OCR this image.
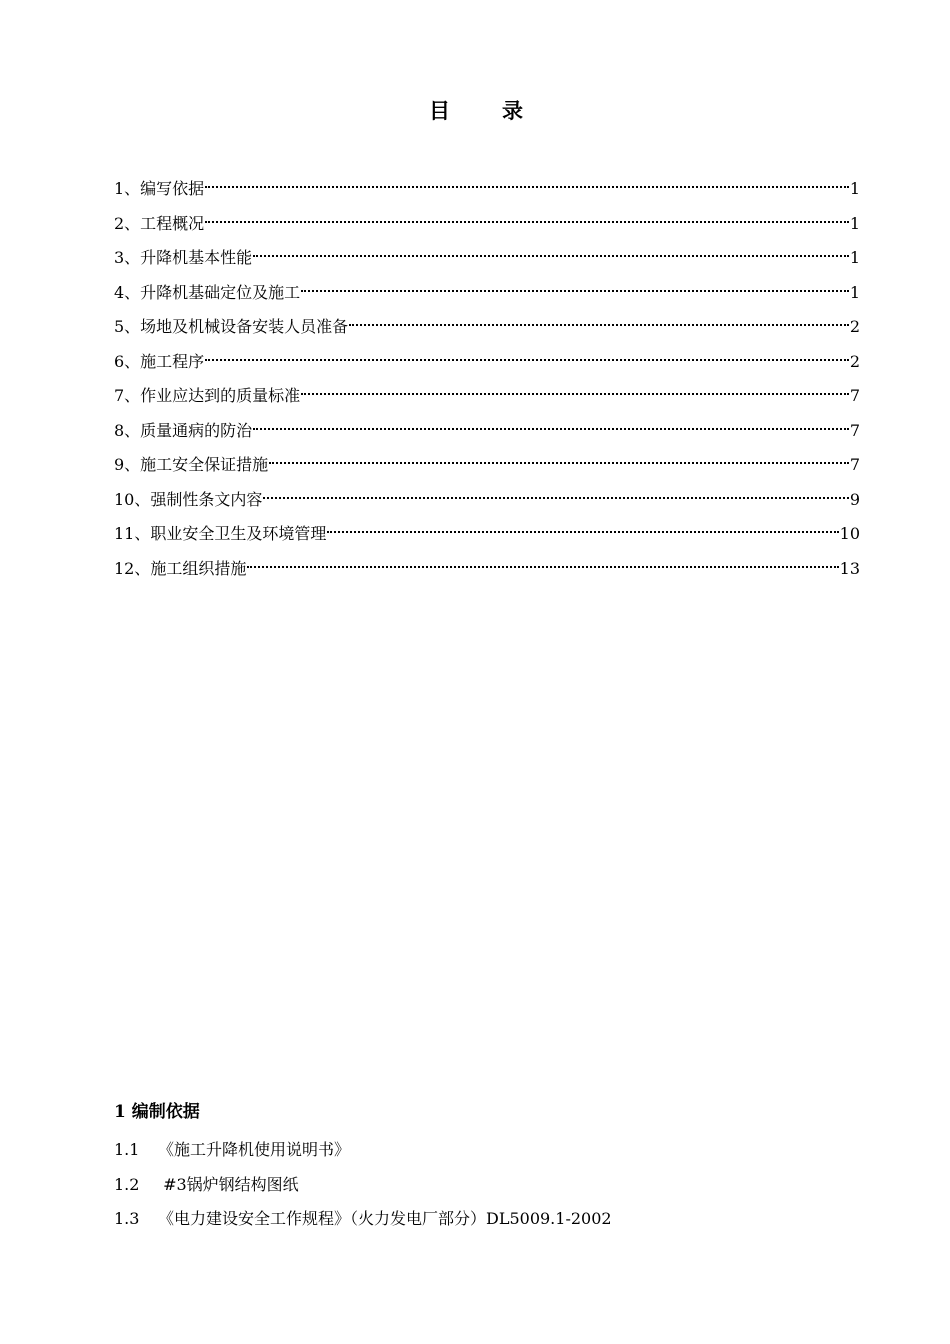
目录
1、编写依据	1
2、工程概况	1
3、升降机基本性能	1
4、升降机基础定位及施工	1
5、场地及机械设备安装人员准备	2
6、施工程序	2
7、作业应达到的质量标准	7
8、质量通病的防治	7
9、施工安全保证措施	7
10、强制性条文内容	9
11、职业安全卫生及环境管理	10
12、施工组织措施	13
1 编制依据
1.1 《施工升降机使用说明书》
1.2 #3锅炉钢结构图纸
1.3 《电力建设安全工作规程》（火力发电厂部分）DL5009.1-2002
